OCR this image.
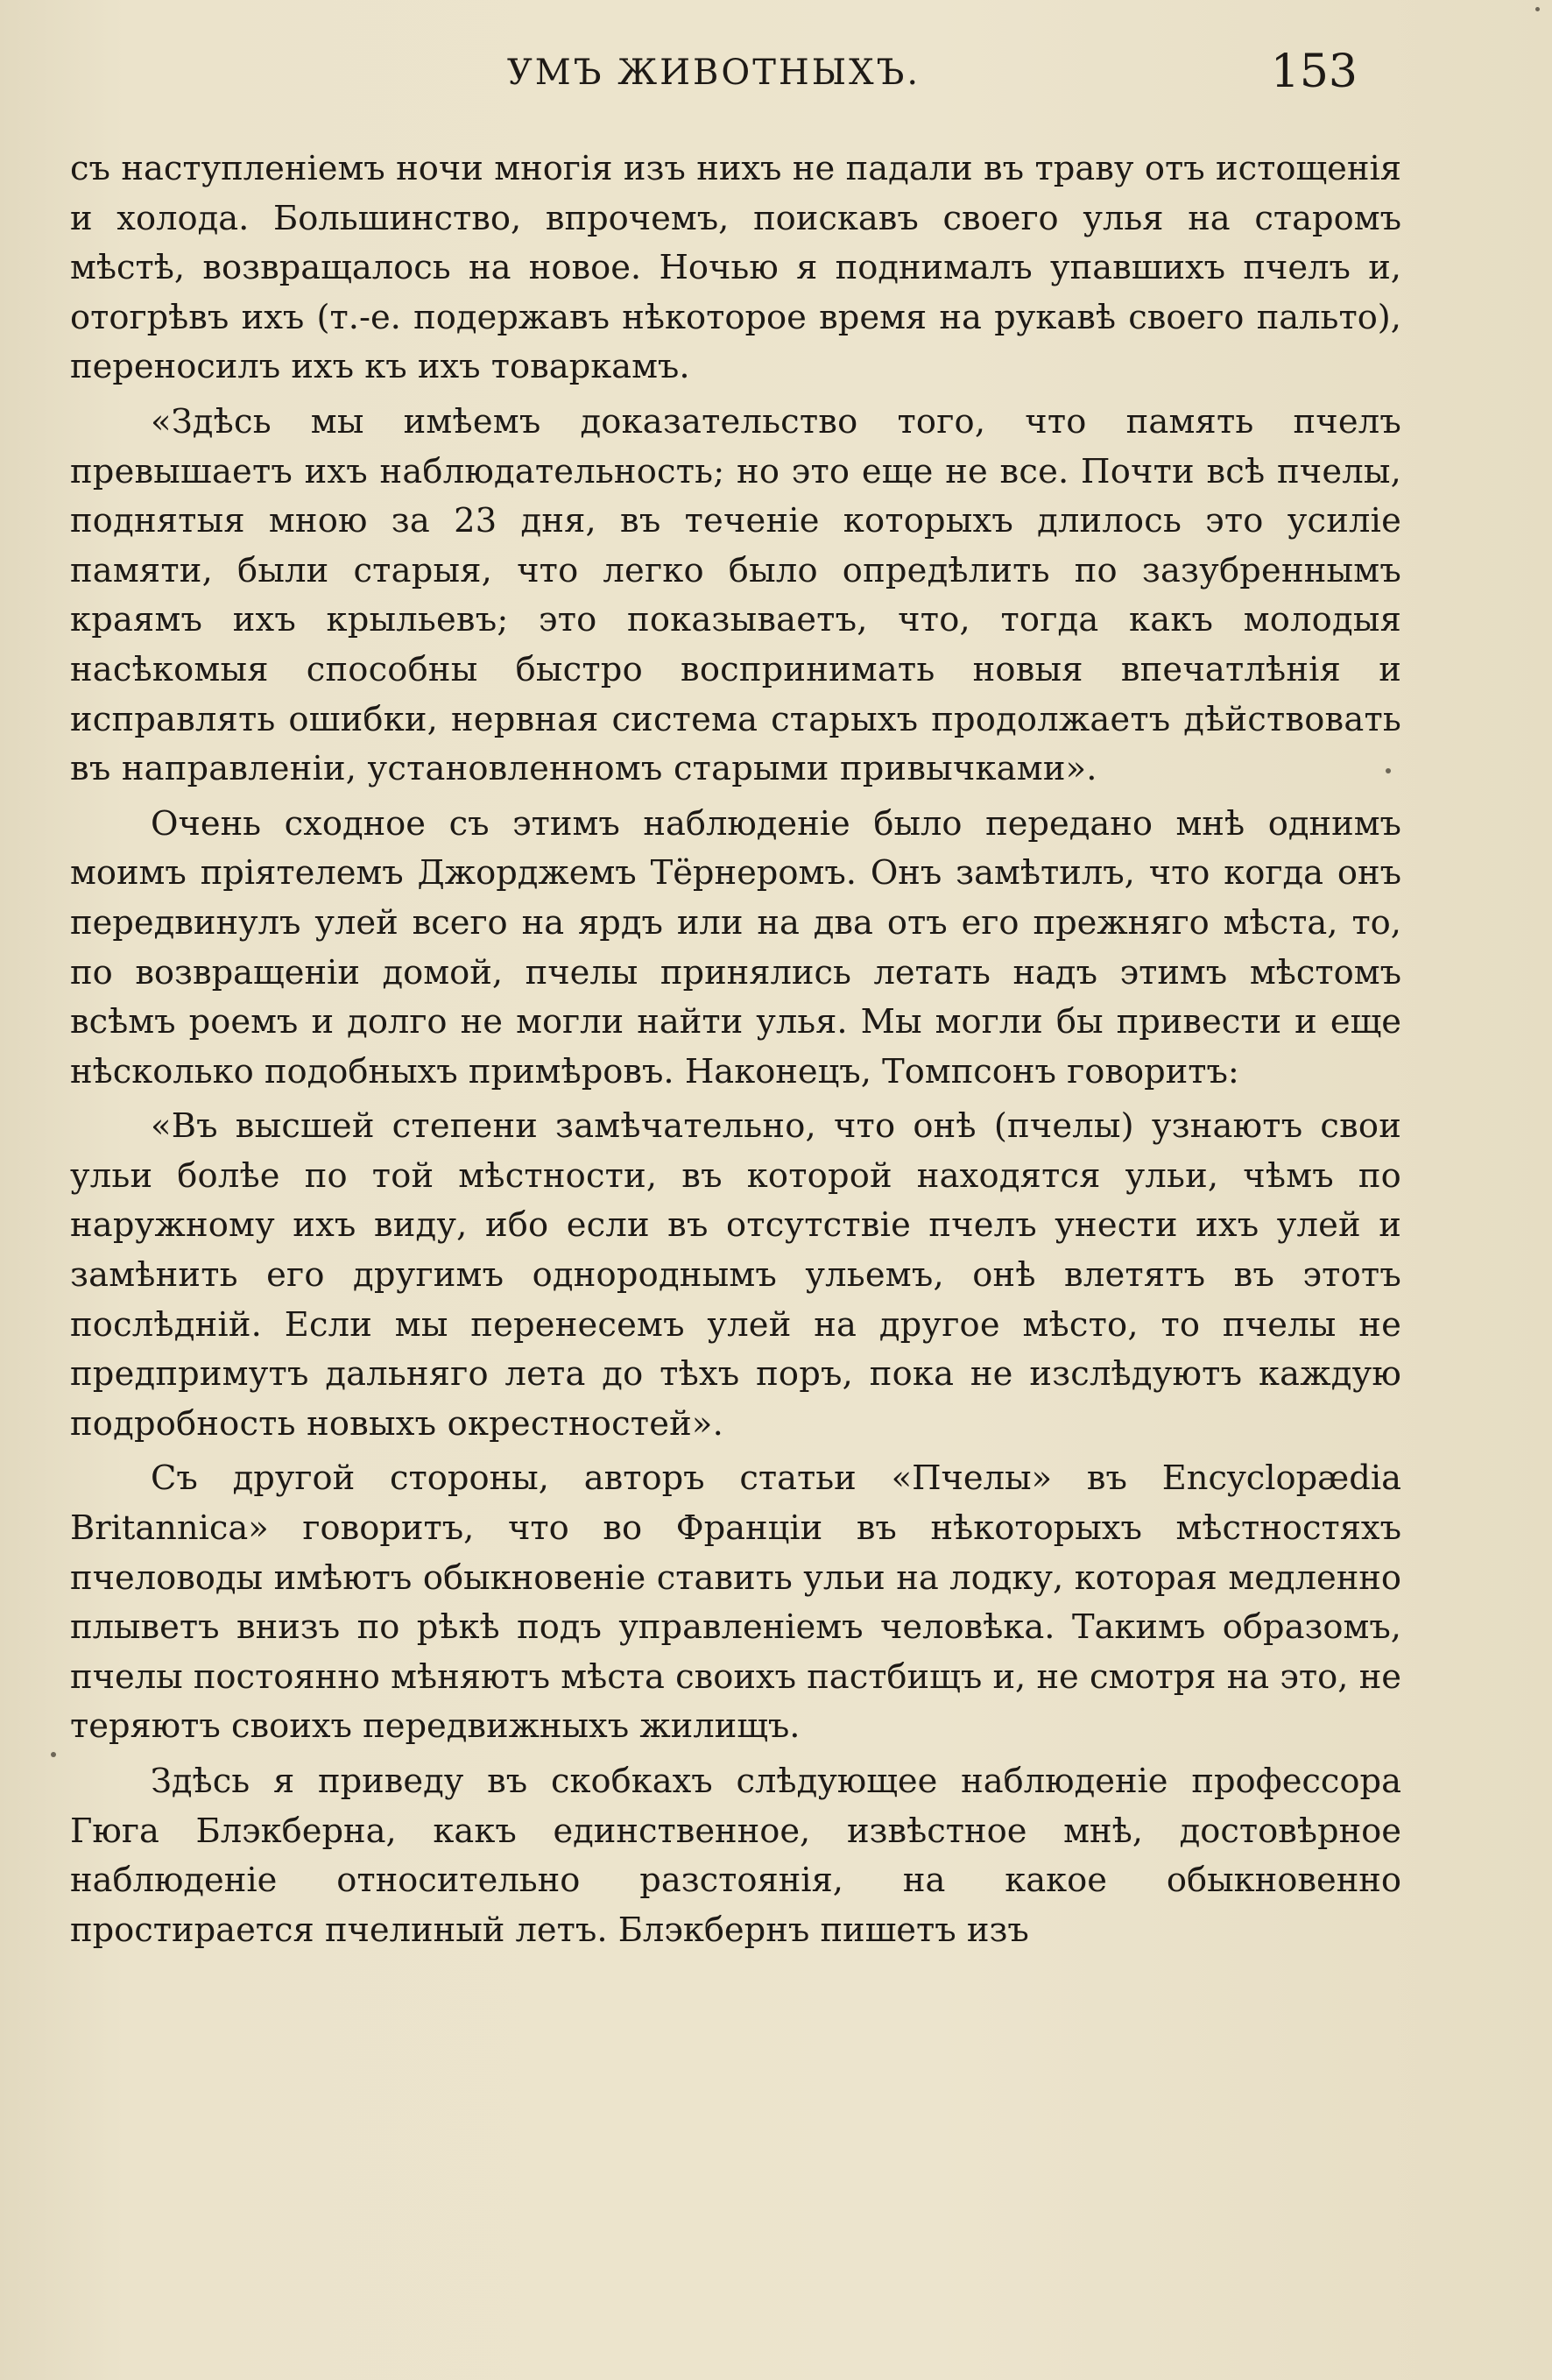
УМЪ ЖИВОТНЫХЪ.	153

съ наступленіемъ ночи многія изъ нихъ не падали въ траву отъ истощенія и холода. Большинство, впрочемъ, поискавъ своего улья на старомъ мѣстѣ, возвращалось на новое. Ночью я поднималъ упавшихъ пчелъ и, отогрѣвъ ихъ (т.-е. подержавъ нѣкоторое время на рукавѣ своего пальто), переносилъ ихъ къ ихъ товаркамъ.

«Здѣсь мы имѣемъ доказательство того, что память пчелъ превышаетъ ихъ наблюдательность; но это еще не все. Почти всѣ пчелы, поднятыя мною за 23 дня, въ теченіе которыхъ длилось это усиліе памяти, были старыя, что легко было опредѣлить по зазубреннымъ краямъ ихъ крыльевъ; это показываетъ, что, тогда какъ молодыя насѣкомыя способны быстро воспринимать новыя впечатлѣнія и исправлять ошибки, нервная система старыхъ продолжаетъ дѣйствовать въ направленіи, установленномъ старыми привычками».

Очень сходное съ этимъ наблюденіе было передано мнѣ однимъ моимъ пріятелемъ Джорджемъ Тёрнеромъ. Онъ замѣтилъ, что когда онъ передвинулъ улей всего на ярдъ или на два отъ его прежняго мѣста, то, по возвращеніи домой, пчелы принялись летать надъ этимъ мѣстомъ всѣмъ роемъ и долго не могли найти улья. Мы могли бы привести и еще нѣсколько подобныхъ примѣровъ. Наконецъ, Томпсонъ говоритъ:

«Въ высшей степени замѣчательно, что онѣ (пчелы) узнаютъ свои ульи болѣе по той мѣстности, въ которой находятся ульи, чѣмъ по наружному ихъ виду, ибо если въ отсутствіе пчелъ унести ихъ улей и замѣнить его другимъ однороднымъ ульемъ, онѣ влетятъ въ этотъ послѣдній. Если мы перенесемъ улей на другое мѣсто, то пчелы не предпримутъ дальняго лета до тѣхъ поръ, пока не изслѣдуютъ каждую подробность новыхъ окрестностей».

Съ другой стороны, авторъ статьи «Пчелы» въ Encyclopædia Britannica» говоритъ, что во Франціи въ нѣкоторыхъ мѣстностяхъ пчеловоды имѣютъ обыкновеніе ставить ульи на лодку, которая медленно плыветъ внизъ по рѣкѣ подъ управленіемъ человѣка. Такимъ образомъ, пчелы постоянно мѣняютъ мѣста своихъ пастбищъ и, не смотря на это, не теряютъ своихъ передвижныхъ жилищъ.

Здѣсь я приведу въ скобкахъ слѣдующее наблюденіе профессора Гюга Блэкберна, какъ единственное, извѣстное мнѣ, достовѣрное наблюденіе относительно разстоянія, на какое обыкновенно простирается пчелиный летъ. Блэкбернъ пишетъ изъ
